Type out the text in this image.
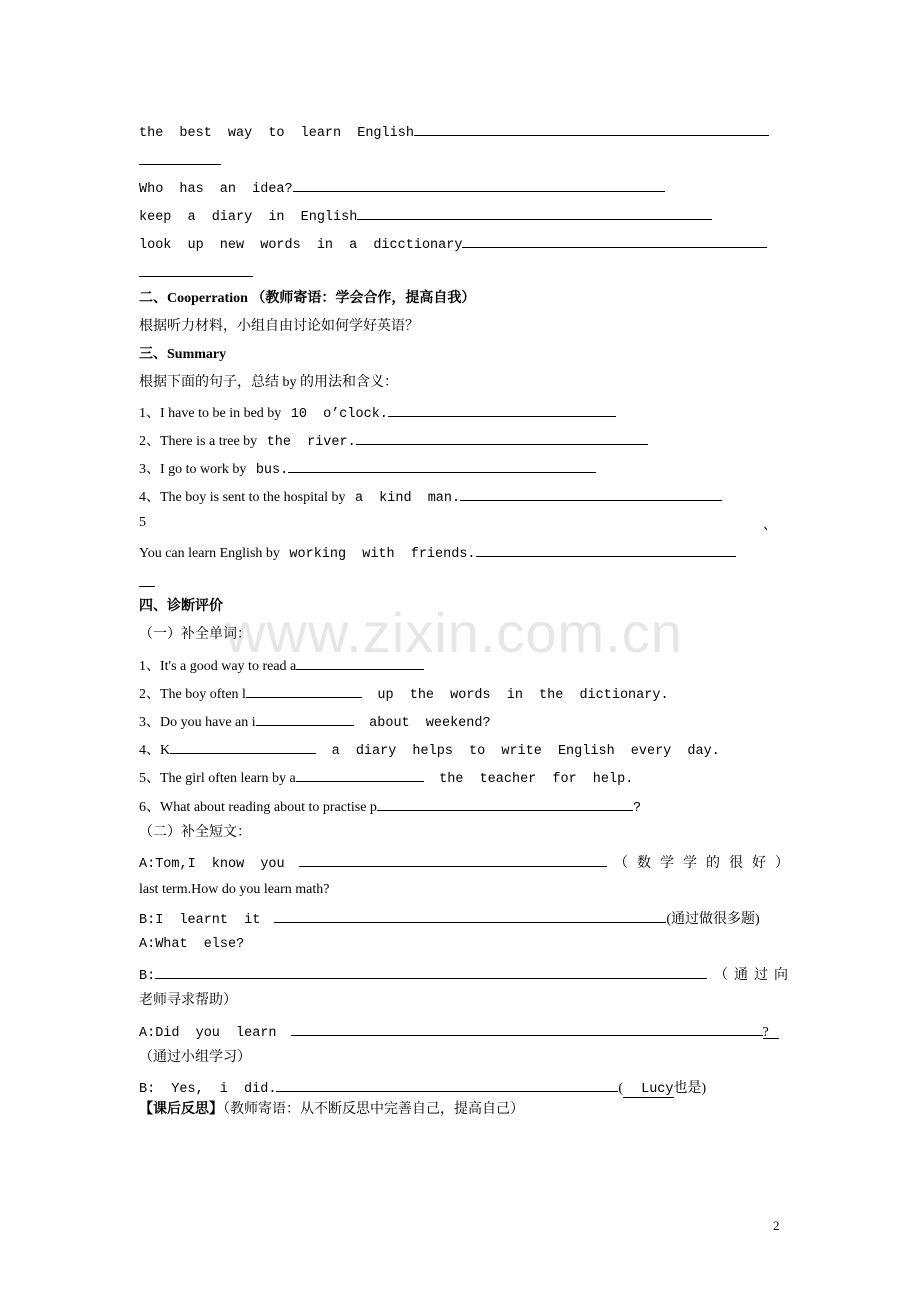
www.zixin.com.cn
the best way to learn English
Who has an idea?
keep a diary in English
look up new words in a dicctionary
二、Cooperration （教师寄语：学会合作，提高自我）
根据听力材料，小组自由讨论如何学好英语？
三、Summary
根据下面的句子，总结 by 的用法和含义：
1、I have to be in bed by 10 o’clock.
2、There is a tree by the river.
3、I go to work by bus.
4、The boy is sent to the hospital by a kind man.
5	、
You can learn English by working with friends.
四、诊断评价
（一）补全单词：
1、It's a good way to read a
2、The boy often l	up the words in the dictionary.
3、Do you have an i	about weekend?
4、K	a diary helps to write English every day.
5、The girl often learn by a	the teacher for help.
6、What about reading about to practise p	?
（二）补全短文：
A:Tom,I know you	（数学学的很好）
last term.How do you learn math?
B:I learnt it	(通过做很多题)
A:What else?
B:	（通过向
老师寻求帮助）
A:Did you learn	?
（通过小组学习）
B: Yes, i did.	( Lucy也是)
【课后反思】（教师寄语：从不断反思中完善自己，提高自己）
2
